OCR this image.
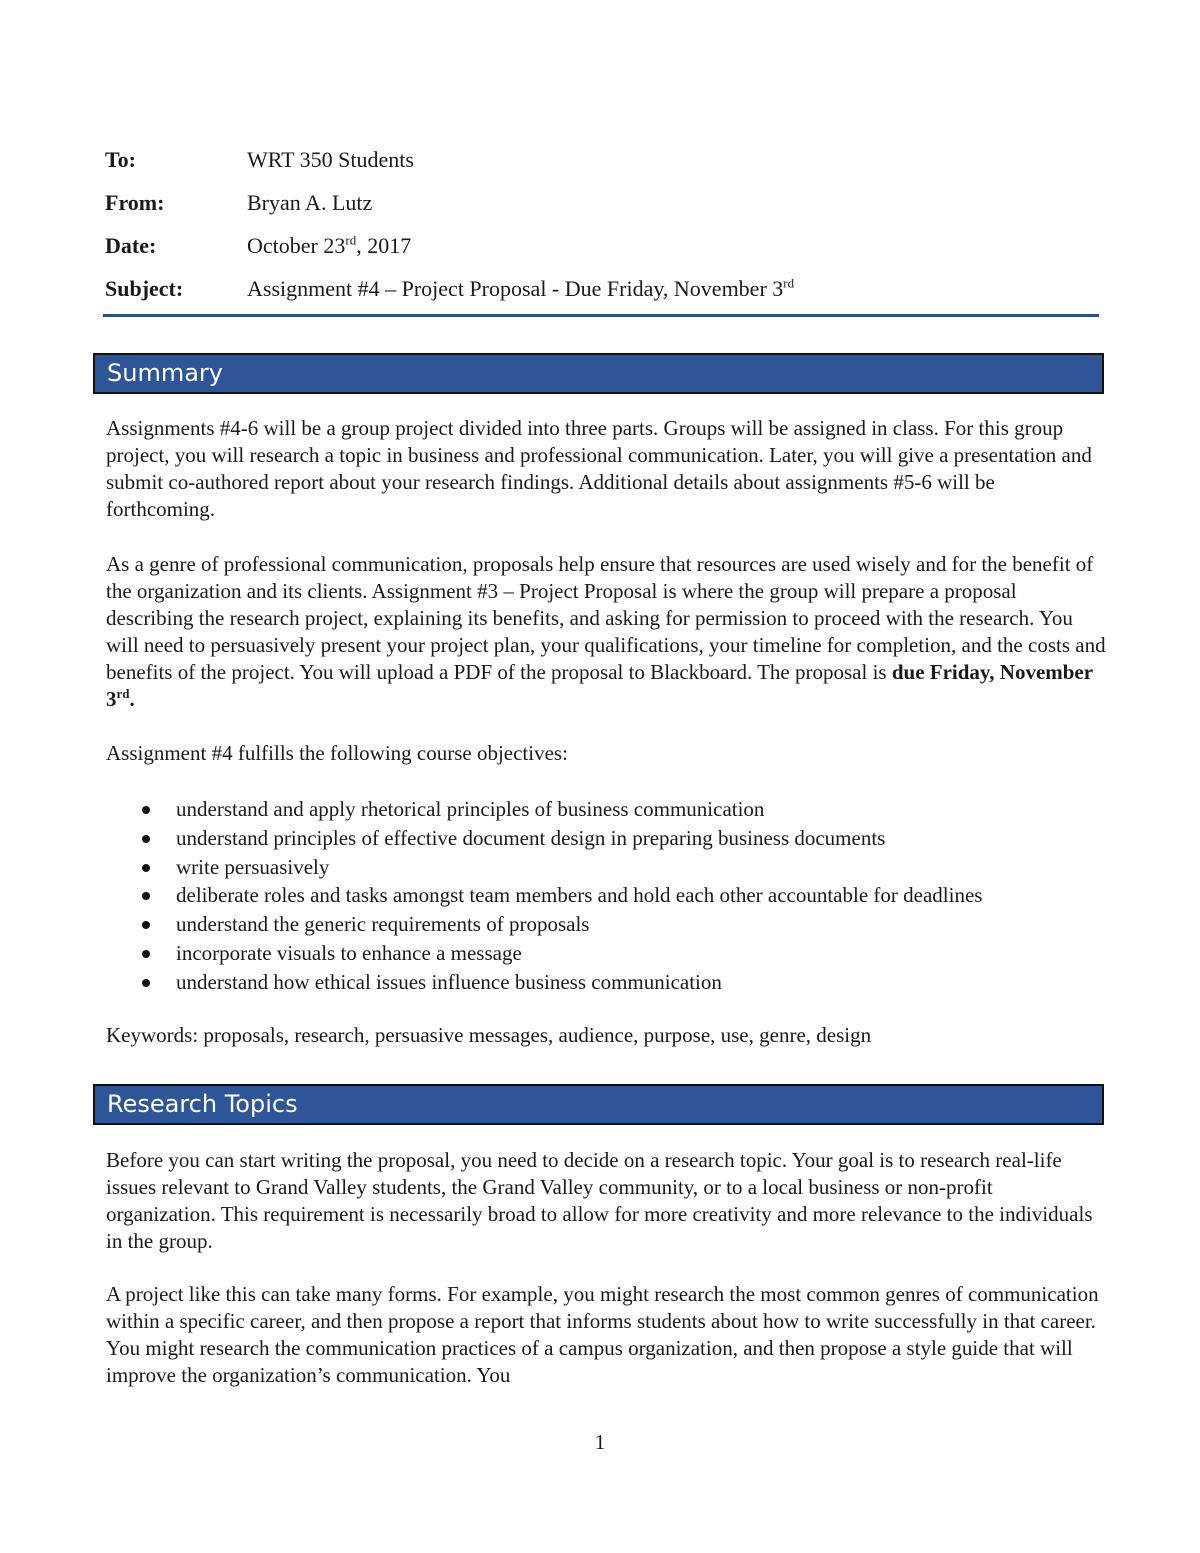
To:	WRT 350 Students
From:	Bryan A. Lutz
Date:	October 23rd, 2017
Subject:	Assignment #4 – Project Proposal - Due Friday, November 3rd
Summary

Assignments #4-6 will be a group project divided into three parts. Groups will be assigned in class. For this group project, you will research a topic in business and professional communication. Later, you will give a presentation and submit co-authored report about your research findings. Additional details about assignments #5-6 will be forthcoming.

As a genre of professional communication, proposals help ensure that resources are used wisely and for the benefit of the organization and its clients. Assignment #3 – Project Proposal is where the group will prepare a proposal describing the research project, explaining its benefits, and asking for permission to proceed with the research. You will need to persuasively present your project plan, your qualifications, your timeline for completion, and the costs and benefits of the project. You will upload a PDF of the proposal to Blackboard. The proposal is due Friday, November 3rd.

Assignment #4 fulfills the following course objectives:

understand and apply rhetorical principles of business communication
understand principles of effective document design in preparing business documents
write persuasively
deliberate roles and tasks amongst team members and hold each other accountable for deadlines
understand the generic requirements of proposals
incorporate visuals to enhance a message
understand how ethical issues influence business communication

Keywords: proposals, research, persuasive messages, audience, purpose, use, genre, design

Research Topics

Before you can start writing the proposal, you need to decide on a research topic. Your goal is to research real-life issues relevant to Grand Valley students, the Grand Valley community, or to a local business or non-profit organization. This requirement is necessarily broad to allow for more creativity and more relevance to the individuals in the group.

A project like this can take many forms. For example, you might research the most common genres of communication within a specific career, and then propose a report that informs students about how to write successfully in that career. You might research the communication practices of a campus organization, and then propose a style guide that will improve the organization’s communication. You

1
